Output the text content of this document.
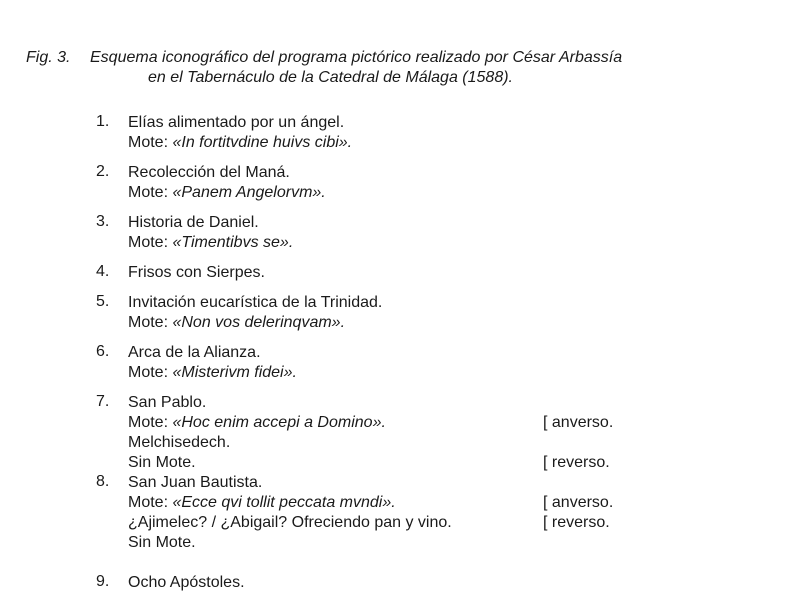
Fig. 3. Esquema iconográfico del programa pictórico realizado por César Arbassía
en el Tabernáculo de la Catedral de Málaga (1588).
1.	Elías alimentado por un ángel.
Mote: «In fortitvdine huivs cibi».
2.	Recolección del Maná.
Mote: «Panem Angelorvm».
3.	Historia de Daniel.
Mote: «Timentibvs se».
4.	Frisos con Sierpes.
5.	Invitación eucarística de la Trinidad.
Mote: «Non vos delerinqvam».
6.	Arca de la Alianza.
Mote: «Misterivm fidei».
7.	San Pablo.
Mote: «Hoc enim accepi a Domino».	[ anverso.
Melchisedech.
Sin Mote.	[ reverso.
8.	San Juan Bautista.
Mote: «Ecce qvi tollit peccata mvndi».	[ anverso.
¿Ajimelec? / ¿Abigail? Ofreciendo pan y vino.	[ reverso.
Sin Mote.
9.	Ocho Apóstoles.
